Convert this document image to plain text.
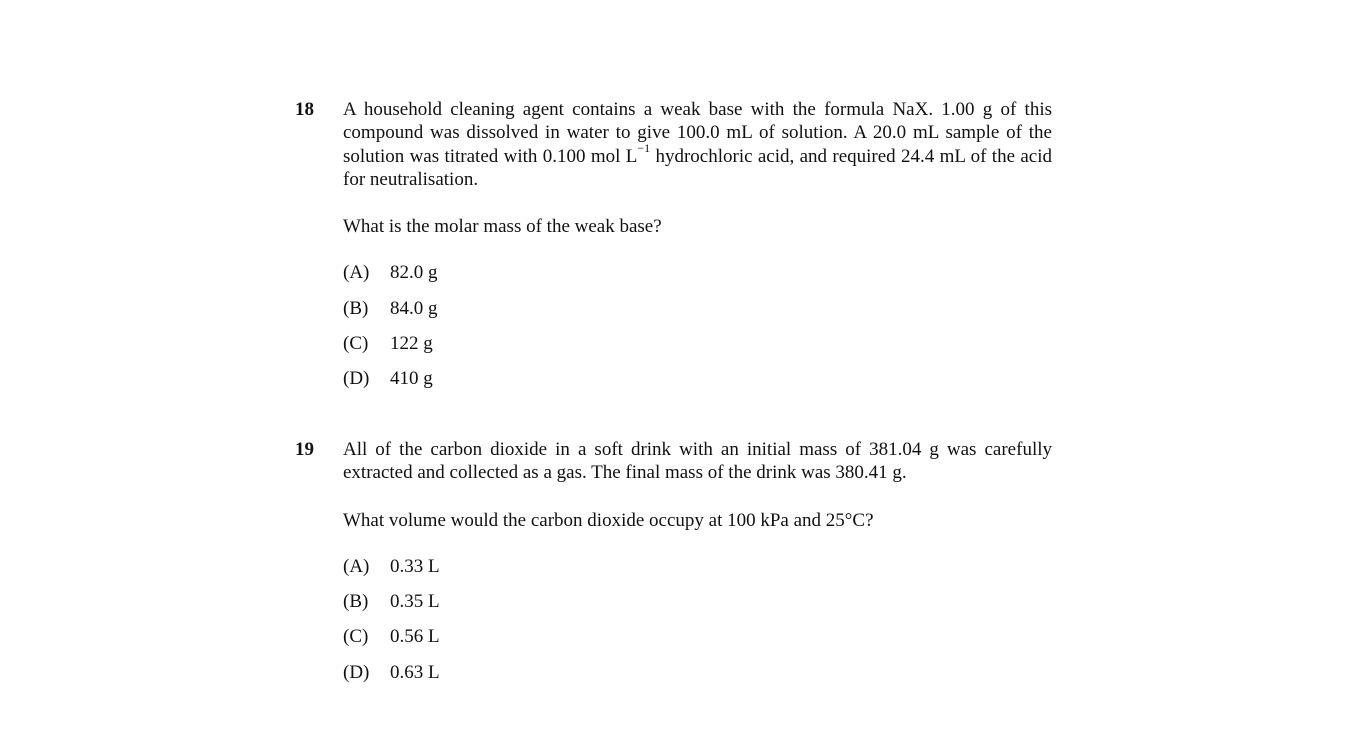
18 A household cleaning agent contains a weak base with the formula NaX. 1.00 g of this compound was dissolved in water to give 100.0 mL of solution. A 20.0 mL sample of the solution was titrated with 0.100 mol $L^{-1}$ hydrochloric acid, and required 24.4 mL of the acid for neutralisation.

What is the molar mass of the weak base?

(A) 82.0 g
(B) 84.0 g
(C) 122 g
(D) 410 g
19 All of the carbon dioxide in a soft drink with an initial mass of 381.04 g was carefully extracted and collected as a gas. The final mass of the drink was 380.41 g.

What volume would the carbon dioxide occupy at 100 kPa and 25°C?

(A) 0.33 L
(B) 0.35 L
(C) 0.56 L
(D) 0.63 L
